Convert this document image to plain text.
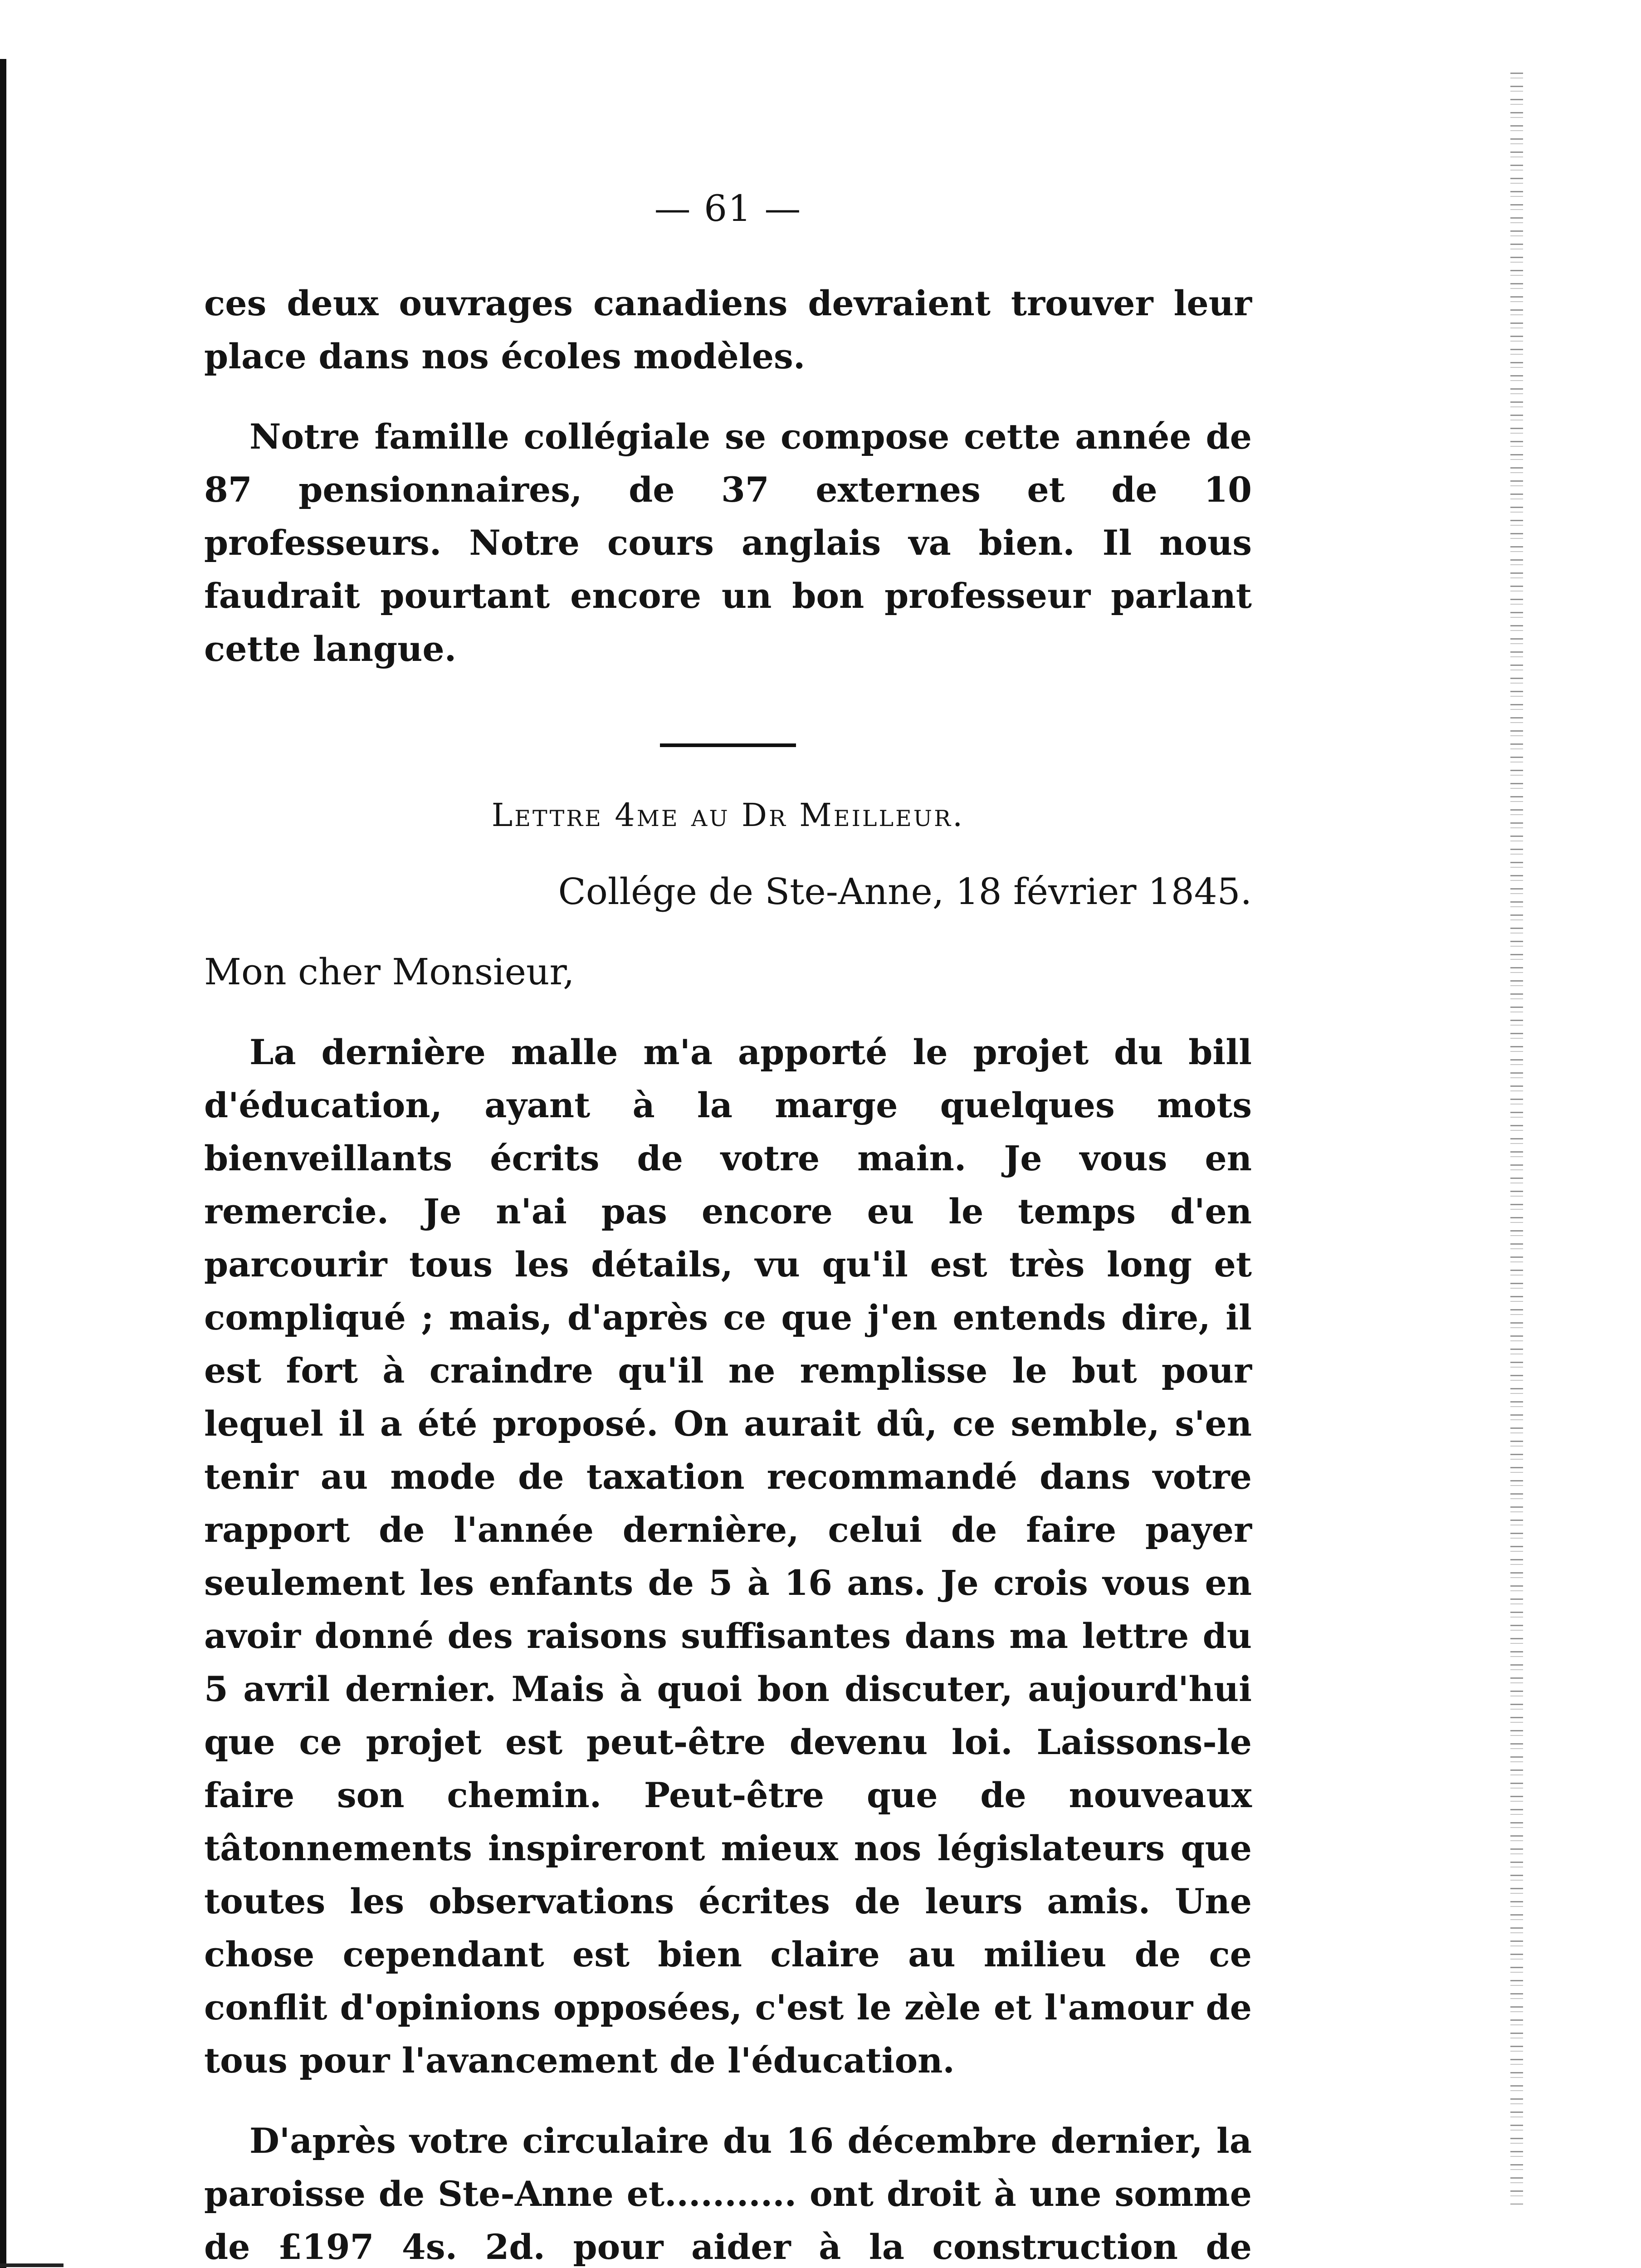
— 61 —

ces deux ouvrages canadiens devraient trouver leur place dans nos écoles modèles.

Notre famille collégiale se compose cette année de 87 pensionnaires, de 37 externes et de 10 professeurs. Notre cours anglais va bien. Il nous faudrait pourtant encore un bon professeur parlant cette langue.

Lettre 4me au Dr Meilleur.
Collége de Ste-Anne, 18 février 1845.
Mon cher Monsieur,

La dernière malle m'a apporté le projet du bill d'éducation, ayant à la marge quelques mots bienveillants écrits de votre main. Je vous en remercie. Je n'ai pas encore eu le temps d'en parcourir tous les détails, vu qu'il est très long et compliqué ; mais, d'après ce que j'en entends dire, il est fort à craindre qu'il ne remplisse le but pour lequel il a été proposé. On aurait dû, ce semble, s'en tenir au mode de taxation recommandé dans votre rapport de l'année dernière, celui de faire payer seulement les enfants de 5 à 16 ans. Je crois vous en avoir donné des raisons suffisantes dans ma lettre du 5 avril dernier. Mais à quoi bon discuter, aujourd'hui que ce projet est peut-être devenu loi. Laissons-le faire son chemin. Peut-être que de nouveaux tâtonnements inspireront mieux nos législateurs que toutes les observations écrites de leurs amis. Une chose cependant est bien claire au milieu de ce conflit d'opinions opposées, c'est le zèle et l'amour de tous pour l'avancement de l'éducation.

D'après votre circulaire du 16 décembre dernier, la paroisse de Ste-Anne et........... ont droit à une somme de £197 4s. 2d. pour aider à la construction de
